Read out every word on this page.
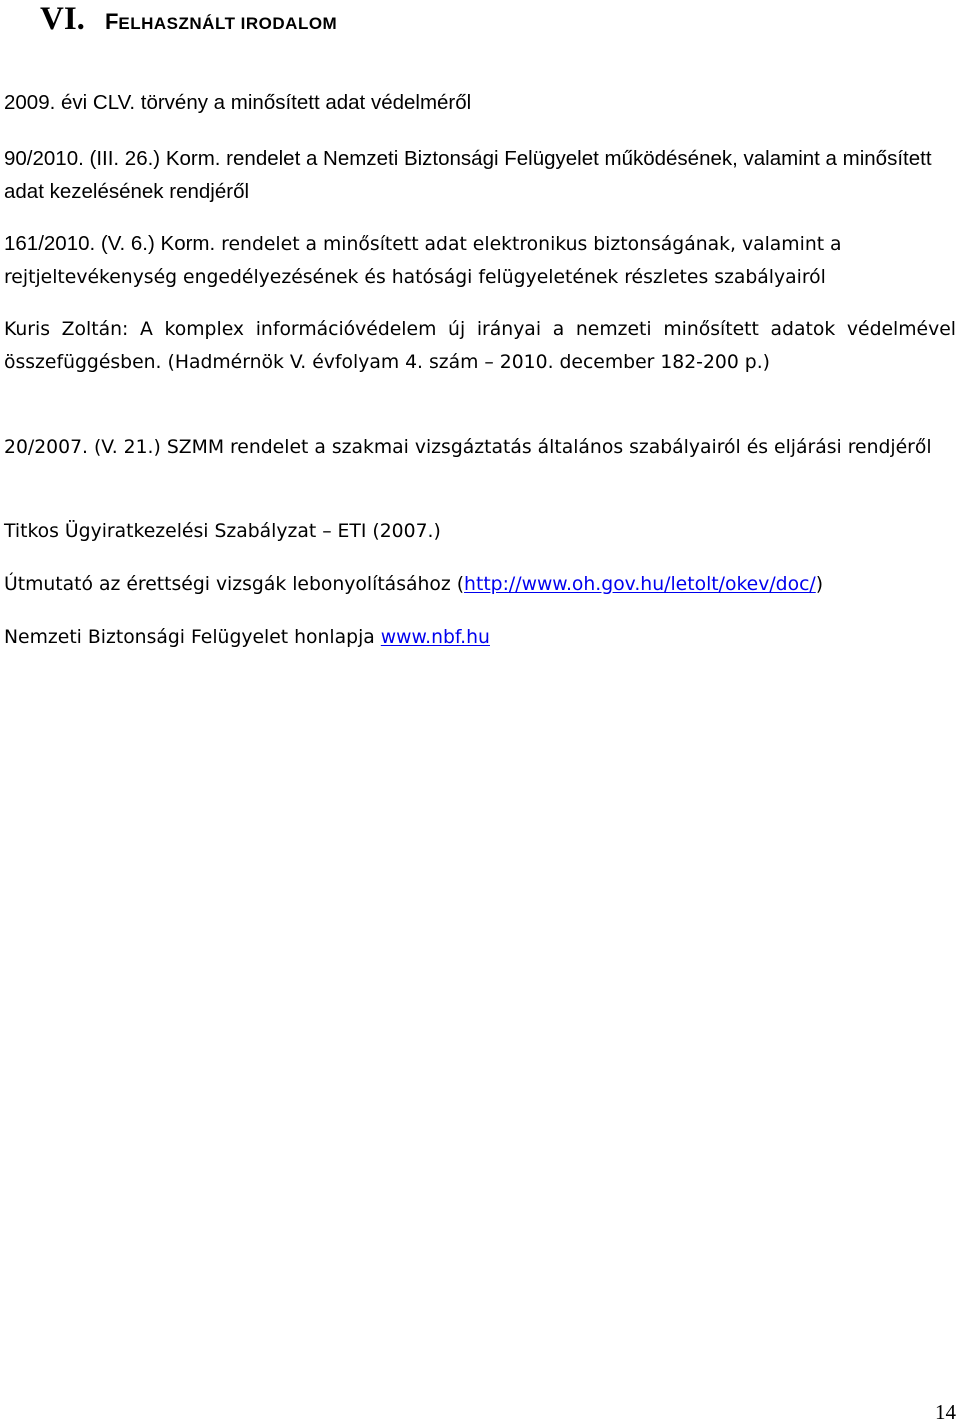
VI. FELHASZNÁLT IRODALOM

2009. évi CLV. törvény a minősített adat védelméről

90/2010. (III. 26.) Korm. rendelet a Nemzeti Biztonsági Felügyelet működésének, valamint a minősített adat kezelésének rendjéről

161/2010. (V. 6.) Korm. rendelet a minősített adat elektronikus biztonságának, valamint a rejtjeltevékenység engedélyezésének és hatósági felügyeletének részletes szabályairól

Kuris Zoltán: A komplex információvédelem új irányai a nemzeti minősített adatok védelmével összefüggésben. (Hadmérnök V. évfolyam 4. szám – 2010. december 182-200 p.)

20/2007. (V. 21.) SZMM rendelet a szakmai vizsgáztatás általános szabályairól és eljárási rendjéről

Titkos Ügyiratkezelési Szabályzat – ETI (2007.)

Útmutató az érettségi vizsgák lebonyolításához (http://www.oh.gov.hu/letolt/okev/doc/)

Nemzeti Biztonsági Felügyelet honlapja www.nbf.hu

14
